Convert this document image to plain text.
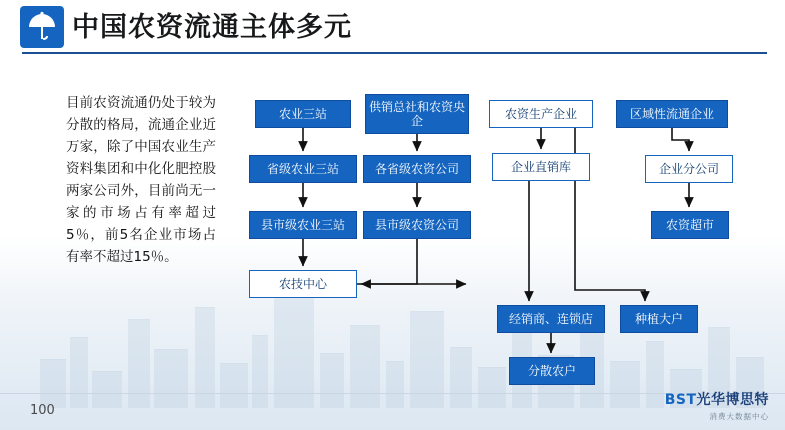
中国农资流通主体多元
目前农资流通仍处于较为分散的格局，流通企业近万家，除了中国农业生产资料集团和中化化肥控股两家公司外，目前尚无一家的市场占有率超过5％，前5名企业市场占有率不超过15％。
农业三站	供销总社和农资央企	农资生产企业	区域性流通企业
省级农业三站	各省级农资公司	企业直销库	企业分公司
县市级农业三站	县市级农资公司	农资超市
农技中心
经销商、连锁店	种植大户
分散农户
100
BST光华博思特
消费大数据中心
